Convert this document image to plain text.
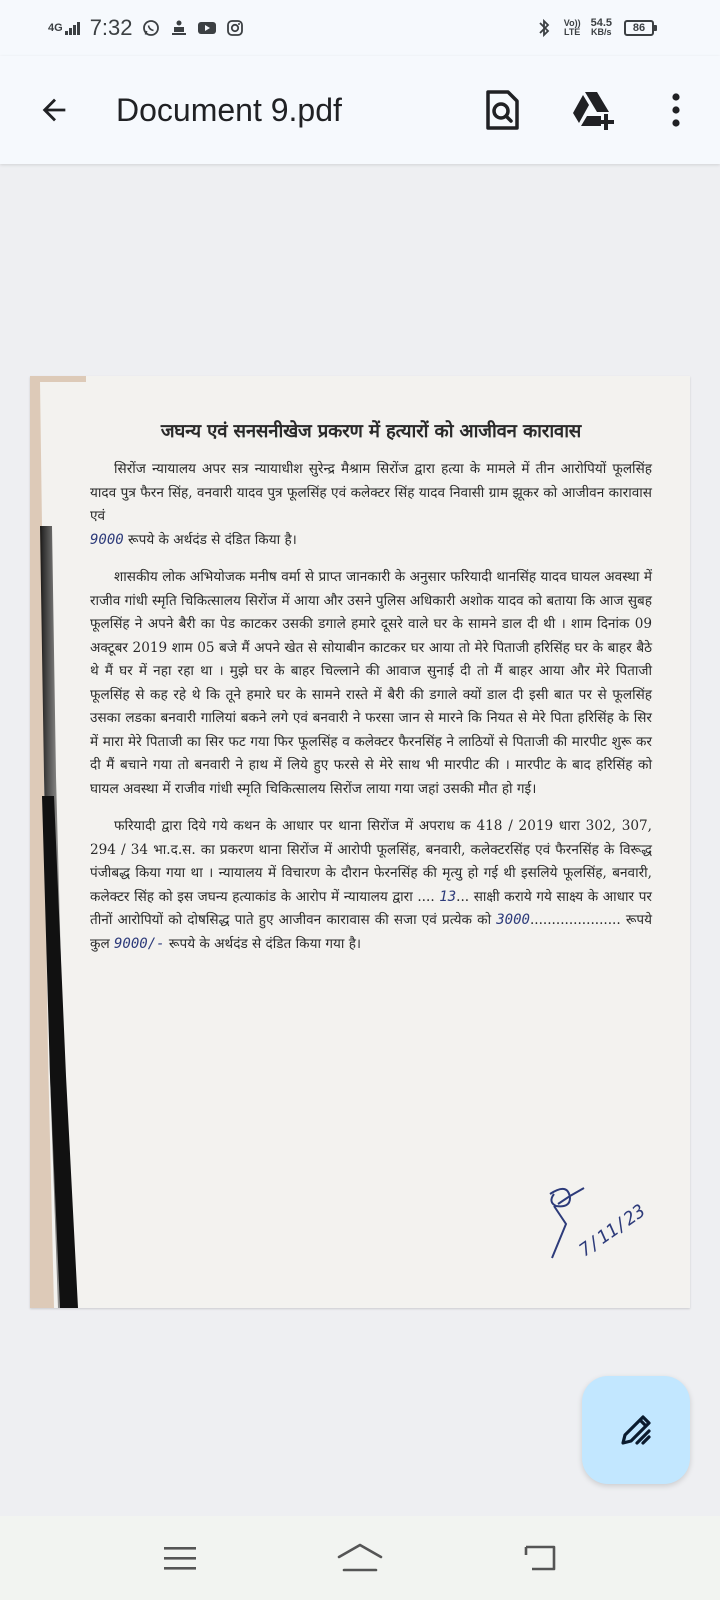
4G 7:32	Vo))
LTE
54.5
KB/s 86
Document 9.pdf
जघन्य एवं सनसनीखेज प्रकरण में हत्यारों को आजीवन कारावास

सिरोंज न्यायालय अपर सत्र न्यायाधीश सुरेन्द्र मैश्राम सिरोंज द्वारा हत्या के मामले में तीन आरोपियों फूलसिंह यादव पुत्र फैरन सिंह, वनवारी यादव पुत्र फूलसिंह एवं कलेक्टर सिंह यादव निवासी ग्राम झूकर को आजीवन कारावास एवं
9000 रूपये के अर्थदंड से दंडित किया है।

शासकीय लोक अभियोजक मनीष वर्मा से प्राप्त जानकारी के अनुसार फरियादी थानसिंह यादव घायल अवस्था में राजीव गांधी स्मृति चिकित्सालय सिरोंज में आया और उसने पुलिस अधिकारी अशोक यादव को बताया कि आज सुबह फूलसिंह ने अपने बैरी का पेड काटकर उसकी डगाले हमारे दूसरे वाले घर के सामने डाल दी थी । शाम दिनांक 09 अक्टूबर 2019 शाम 05 बजे मैं अपने खेत से सोयाबीन काटकर घर आया तो मेरे पिताजी हरिसिंह घर के बाहर बैठे थे मैं घर में नहा रहा था । मुझे घर के बाहर चिल्लाने की आवाज सुनाई दी तो मैं बाहर आया और मेरे पिताजी फूलसिंह से कह रहे थे कि तूने हमारे घर के सामने रास्ते में बैरी की डगाले क्यों डाल दी इसी बात पर से फूलसिंह उसका लडका बनवारी गालियां बकने लगे एवं बनवारी ने फरसा जान से मारने कि नियत से मेरे पिता हरिसिंह के सिर में मारा मेरे पिताजी का सिर फट गया फिर फूलसिंह व कलेक्टर फैरनसिंह ने लाठियों से पिताजी की मारपीट शुरू कर दी मैं बचाने गया तो बनवारी ने हाथ में लिये हुए फरसे से मेरे साथ भी मारपीट की । मारपीट के बाद हरिसिंह को घायल अवस्था में राजीव गांधी स्मृति चिकित्सालय सिरोंज लाया गया जहां उसकी मौत हो गई।

फरियादी द्वारा दिये गये कथन के आधार पर थाना सिरोंज में अपराध क 418 / 2019 धारा 302, 307, 294 / 34 भा.द.स. का प्रकरण थाना सिरोंज में आरोपी फूलसिंह, बनवारी, कलेक्टरसिंह एवं फैरनसिंह के विरूद्ध पंजीबद्ध किया गया था । न्यायालय में विचारण के दौरान फेरनसिंह की मृत्यु हो गई थी इसलिये फूलसिंह, बनवारी, कलेक्टर सिंह को इस जघन्य हत्याकांड के आरोप में न्यायालय द्वारा .... 13... साक्षी कराये गये साक्ष्य के आधार पर तीनों आरोपियों को दोषसिद्ध पाते हुए आजीवन कारावास की सजा एवं प्रत्येक को 3000..................... रूपये कुल 9000/- रूपये के अर्थदंड से दंडित किया गया है।

7/11/23
